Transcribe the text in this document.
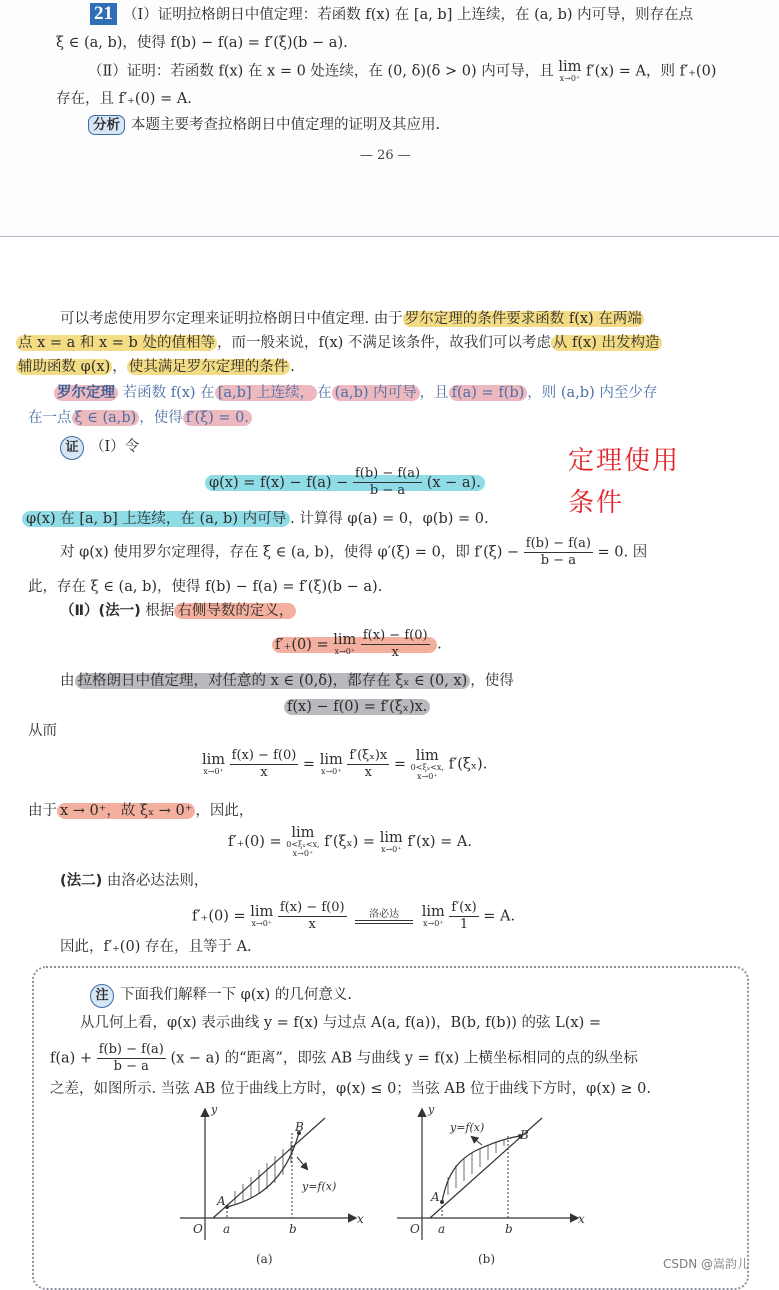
21 （Ⅰ）证明拉格朗日中值定理：若函数 f(x) 在 [a, b] 上连续，在 (a, b) 内可导，则存在点
ξ ∈ (a, b)，使得 f(b) − f(a) = f′(ξ)(b − a).
（Ⅱ）证明：若函数 f(x) 在 x = 0 处连续，在 (0, δ)(δ > 0) 内可导，且 lim
x→0⁺ f′(x) = A，则 f′₊(0)
存在，且 f′₊(0) = A.
分析 本题主要考查拉格朗日中值定理的证明及其应用.
— 26 —
可以考虑使用罗尔定理来证明拉格朗日中值定理. 由于 罗尔定理的条件要求函数 f(x) 在两端
点 x = a 和 x = b 处的值相等 ，而一般来说，f(x) 不满足该条件，故我们可以考虑 从 f(x) 出发构造
辅助函数 φ(x) ， 使其满足罗尔定理的条件 .
罗尔定理 若函数 f(x) 在 [a,b] 上连续， 在 (a,b) 内可导 ，且 f(a) = f(b) ，则 (a,b) 内至少存
在一点 ξ ∈ (a,b) ，使得 f′(ξ) = 0.
证 （Ⅰ）令
$\varphi(x) = f(x) - f(a) - \frac{f(b) - f(a)}{b - a} (x - a)$.
φ(x) 在 [a, b] 上连续，在 (a, b) 内可导 . 计算得 φ(a) = 0，φ(b) = 0.
对 φ(x) 使用罗尔定理得，存在 ξ ∈ (a, b)，使得 φ′(ξ) = 0，即 $f'(\xi) - \frac{f(b) - f(a)}{b - a} = 0$. 因
此，存在 ξ ∈ (a, b)，使得 f(b) − f(a) = f′(ξ)(b − a).
定理使用
条件
（Ⅱ）(法一) 根据 右侧导数的定义，
f′₊(0) = lim
x→0⁺
$\frac{f(x) - f(0)}{x}$ .
由 拉格朗日中值定理，对任意的 x ∈ (0,δ)，都存在 ξₓ ∈ (0, x) ，使得
f(x) − f(0) = f′(ξₓ)x.
从而
lim
x→0⁺
$\frac{f(x) - f(0)}{x} = \lim$
x→0⁺
$\frac{\text{f′(ξₓ)x}}{x} = \lim$
0<ξₓ<x,
x→0⁺
f′(ξₓ).
由于 x → 0⁺，故 ξₓ → 0⁺ ，因此，
f′₊(0) = lim
0<ξₓ<x,
x→0⁺
f′(ξₓ) = lim
x→0⁺ f′(x) = A.
(法二) 由洛必达法则，
f′₊(0) = lim
x→0⁺
$\frac{f(x) - f(0)}{x}$ 洛必达 lim
x→0⁺
$\frac{f'(x)}{1} = A$.
因此，f′₊(0) 存在，且等于 A.
注 下面我们解释一下 φ(x) 的几何意义.
从几何上看，φ(x) 表示曲线 y = f(x) 与过点 A(a, f(a))，B(b, f(b)) 的弦 L(x) =
$f(a) + \frac{f(b) - f(a)}{b - a} (x - a)$ 的“距离”，即弦 AB 与曲线 y = f(x) 上横坐标相同的点的纵坐标
之差，如图所示. 当弦 AB 位于曲线上方时，φ(x) ≤ 0；当弦 AB 位于曲线下方时，φ(x) ≥ 0.
y
x
O a	b
A
B
y=f(x)
(a)
y
x
O a	b
A
B
y=f(x)
(b)	CSDN @嵩韵儿
